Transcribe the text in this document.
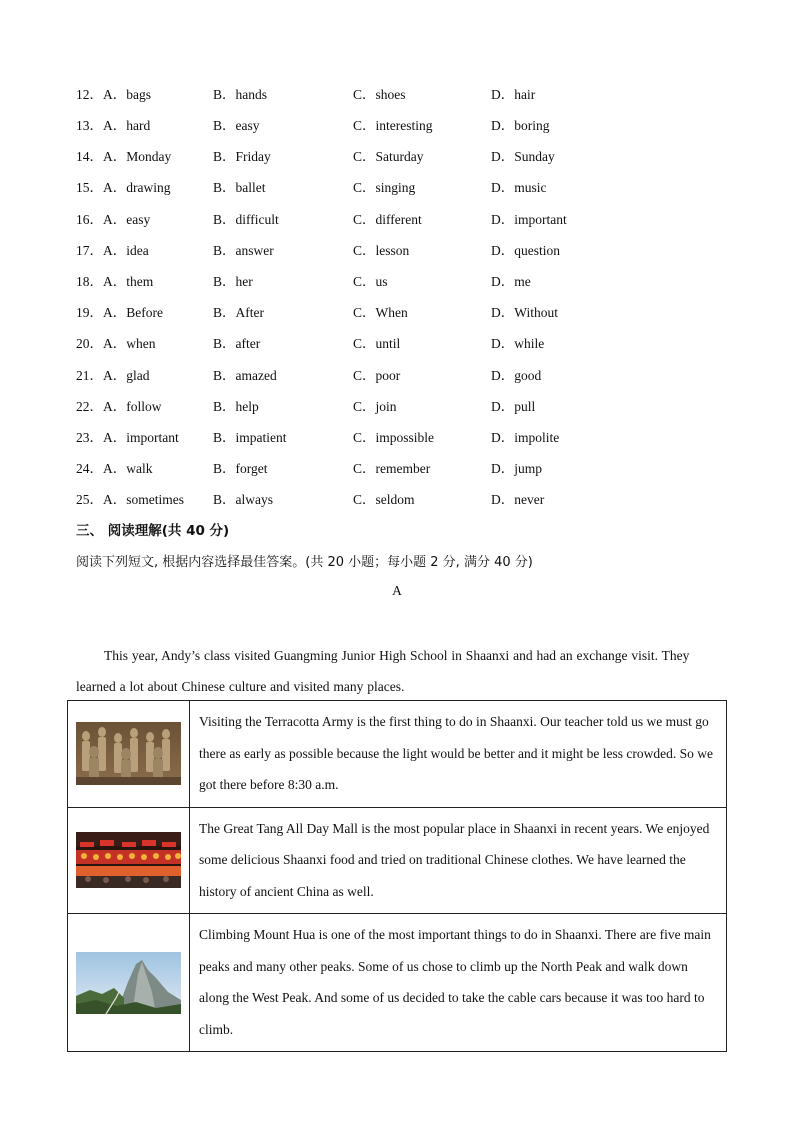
12．A．bags	B．hands	C．shoes	D．hair
13．A．hard	B．easy	C．interesting	D．boring
14．A．Monday	B．Friday	C．Saturday	D．Sunday
15．A．drawing	B．ballet	C．singing	D．music
16．A．easy	B．difficult	C．different	D．important
17．A．idea	B．answer	C．lesson	D．question
18．A．them	B．her	C．us	D．me
19．A．Before	B．After	C．When	D．Without
20．A．when	B．after	C．until	D．while
21．A．glad	B．amazed	C．poor	D．good
22．A．follow	B．help	C．join	D．pull
23．A．important	B．impatient	C．impossible	D．impolite
24．A．walk	B．forget	C．remember	D．jump
25．A．sometimes	B．always	C．seldom	D．never
三、 阅读理解(共 40 分)
阅读下列短文, 根据内容选择最佳答案。(共 20 小题；每小题 2 分, 满分 40 分)
A
This year, Andy’s class visited Guangming Junior High School in Shaanxi and had an exchange visit. They learned a lot about Chinese culture and visited many places.
	Visiting the Terracotta Army is the first thing to do in Shaanxi. Our teacher told us we must go there as early as possible because the light would be better and it might be less crowded. So we got there before 8:30 a.m.

	The Great Tang All Day Mall is the most popular place in Shaanxi in recent years. We enjoyed some delicious Shaanxi food and tried on traditional Chinese clothes. We have learned the history of ancient China as well.

	Climbing Mount Hua is one of the most important things to do in Shaanxi. There are five main peaks and many other peaks. Some of us chose to climb up the North Peak and walk down along the West Peak. And some of us decided to take the cable cars because it was too hard to climb.
